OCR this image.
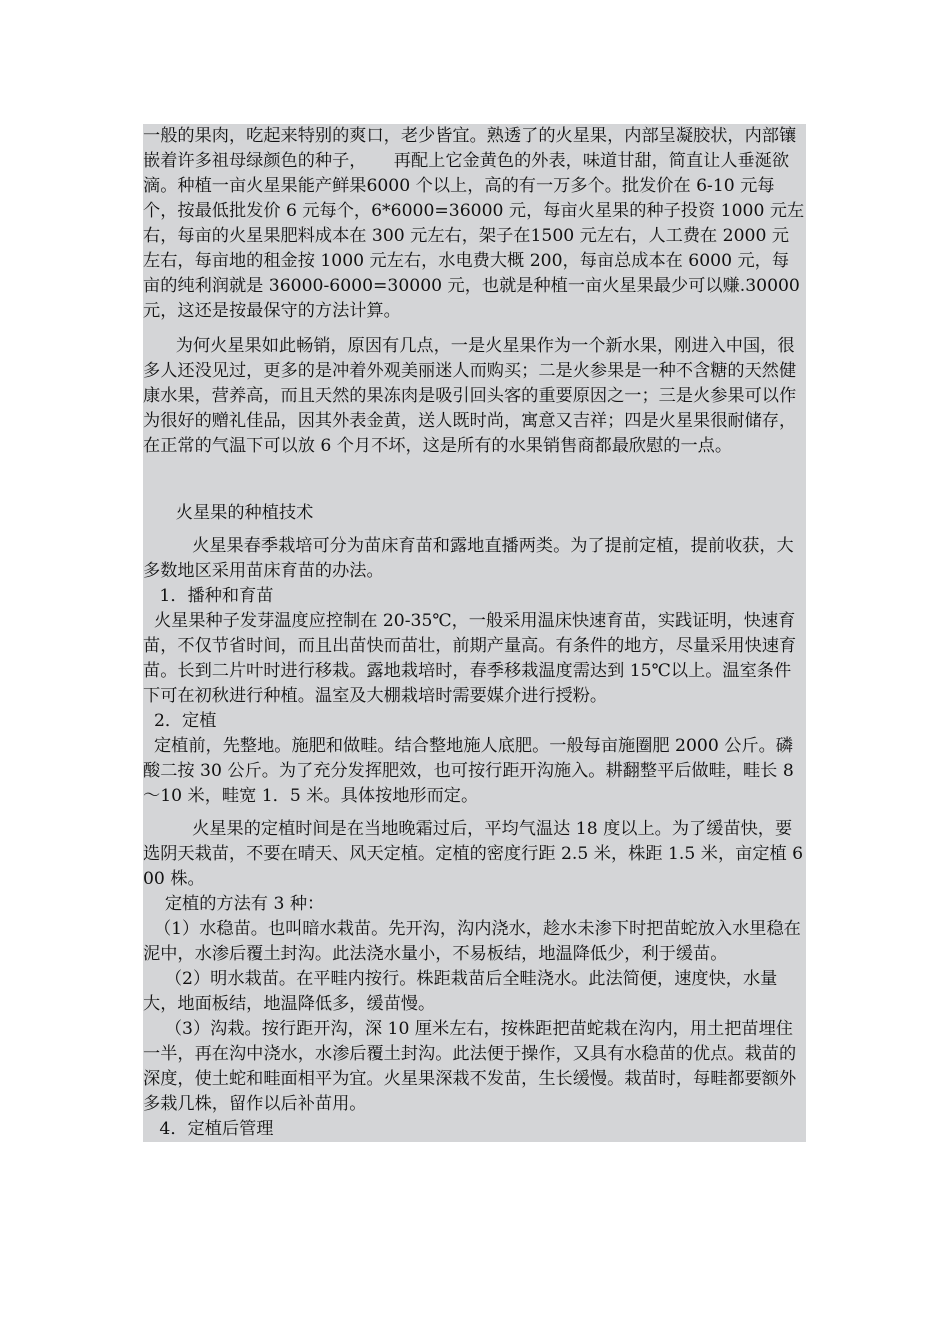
一般的果肉，吃起来特别的爽口，老少皆宜。熟透了的火星果，内部呈凝胶状，内部镶嵌着许多祖母绿颜色的种子，     再配上它金黄色的外表，味道甘甜，简直让人垂涎欲滴。种植一亩火星果能产鲜果6000 个以上，高的有一万多个。批发价在 6-10 元每个，按最低批发价 6 元每个，6*6000=36000 元，每亩火星果的种子投资 1000 元左右，每亩的火星果肥料成本在 300 元左右，架子在1500 元左右，人工费在 2000 元左右，每亩地的租金按 1000 元左右，水电费大概 200，每亩总成本在 6000 元，每亩的纯利润就是 36000-6000=30000 元，也就是种植一亩火星果最少可以赚.30000 元，这还是按最保守的方法计算。

为何火星果如此畅销，原因有几点，一是火星果作为一个新水果，刚进入中国，很多人还没见过，更多的是冲着外观美丽迷人而购买；二是火参果是一种不含糖的天然健康水果，营养高，而且天然的果冻肉是吸引回头客的重要原因之一；三是火参果可以作为很好的赠礼佳品，因其外表金黄，送人既时尚，寓意又吉祥；四是火星果很耐储存，在正常的气温下可以放 6 个月不坏，这是所有的水果销售商都最欣慰的一点。

火星果的种植技术

火星果春季栽培可分为苗床育苗和露地直播两类。为了提前定植，提前收获，大多数地区采用苗床育苗的办法。

1．播种和育苗

火星果种子发芽温度应控制在 20-35℃，一般采用温床快速育苗，实践证明，快速育苗，不仅节省时间，而且出苗快而苗壮，前期产量高。有条件的地方，尽量采用快速育苗。长到二片叶时进行移栽。露地栽培时，春季移栽温度需达到 15℃以上。温室条件下可在初秋进行种植。温室及大棚栽培时需要媒介进行授粉。

2．定植

定植前，先整地。施肥和做畦。结合整地施人底肥。一般每亩施圈肥 2000 公斤。磷酸二按 30 公斤。为了充分发挥肥效，也可按行距开沟施入。耕翻整平后做畦，畦长 8～10 米，畦宽 1．5 米。具体按地形而定。

火星果的定植时间是在当地晚霜过后，平均气温达 18 度以上。为了缓苗快，要选阴天栽苗，不要在晴天、风天定植。定植的密度行距 2.5 米，株距 1.5 米，亩定植 600 株。

定植的方法有 3 种：

（1）水稳苗。也叫暗水栽苗。先开沟，沟内浇水，趁水未渗下时把苗蛇放入水里稳在泥中，水渗后覆土封沟。此法浇水量小，不易板结，地温降低少，利于缓苗。

（2）明水栽苗。在平畦内按行。株距栽苗后全畦浇水。此法简便，速度快，水量大，地面板结，地温降低多，缓苗慢。

（3）沟栽。按行距开沟，深 10 厘米左右，按株距把苗蛇栽在沟内，用土把苗埋住一半，再在沟中浇水，水渗后覆土封沟。此法便于操作，又具有水稳苗的优点。栽苗的深度，使土蛇和畦面相平为宜。火星果深栽不发苗，生长缓慢。栽苗时，每畦都要额外多栽几株，留作以后补苗用。

4．定植后管理
